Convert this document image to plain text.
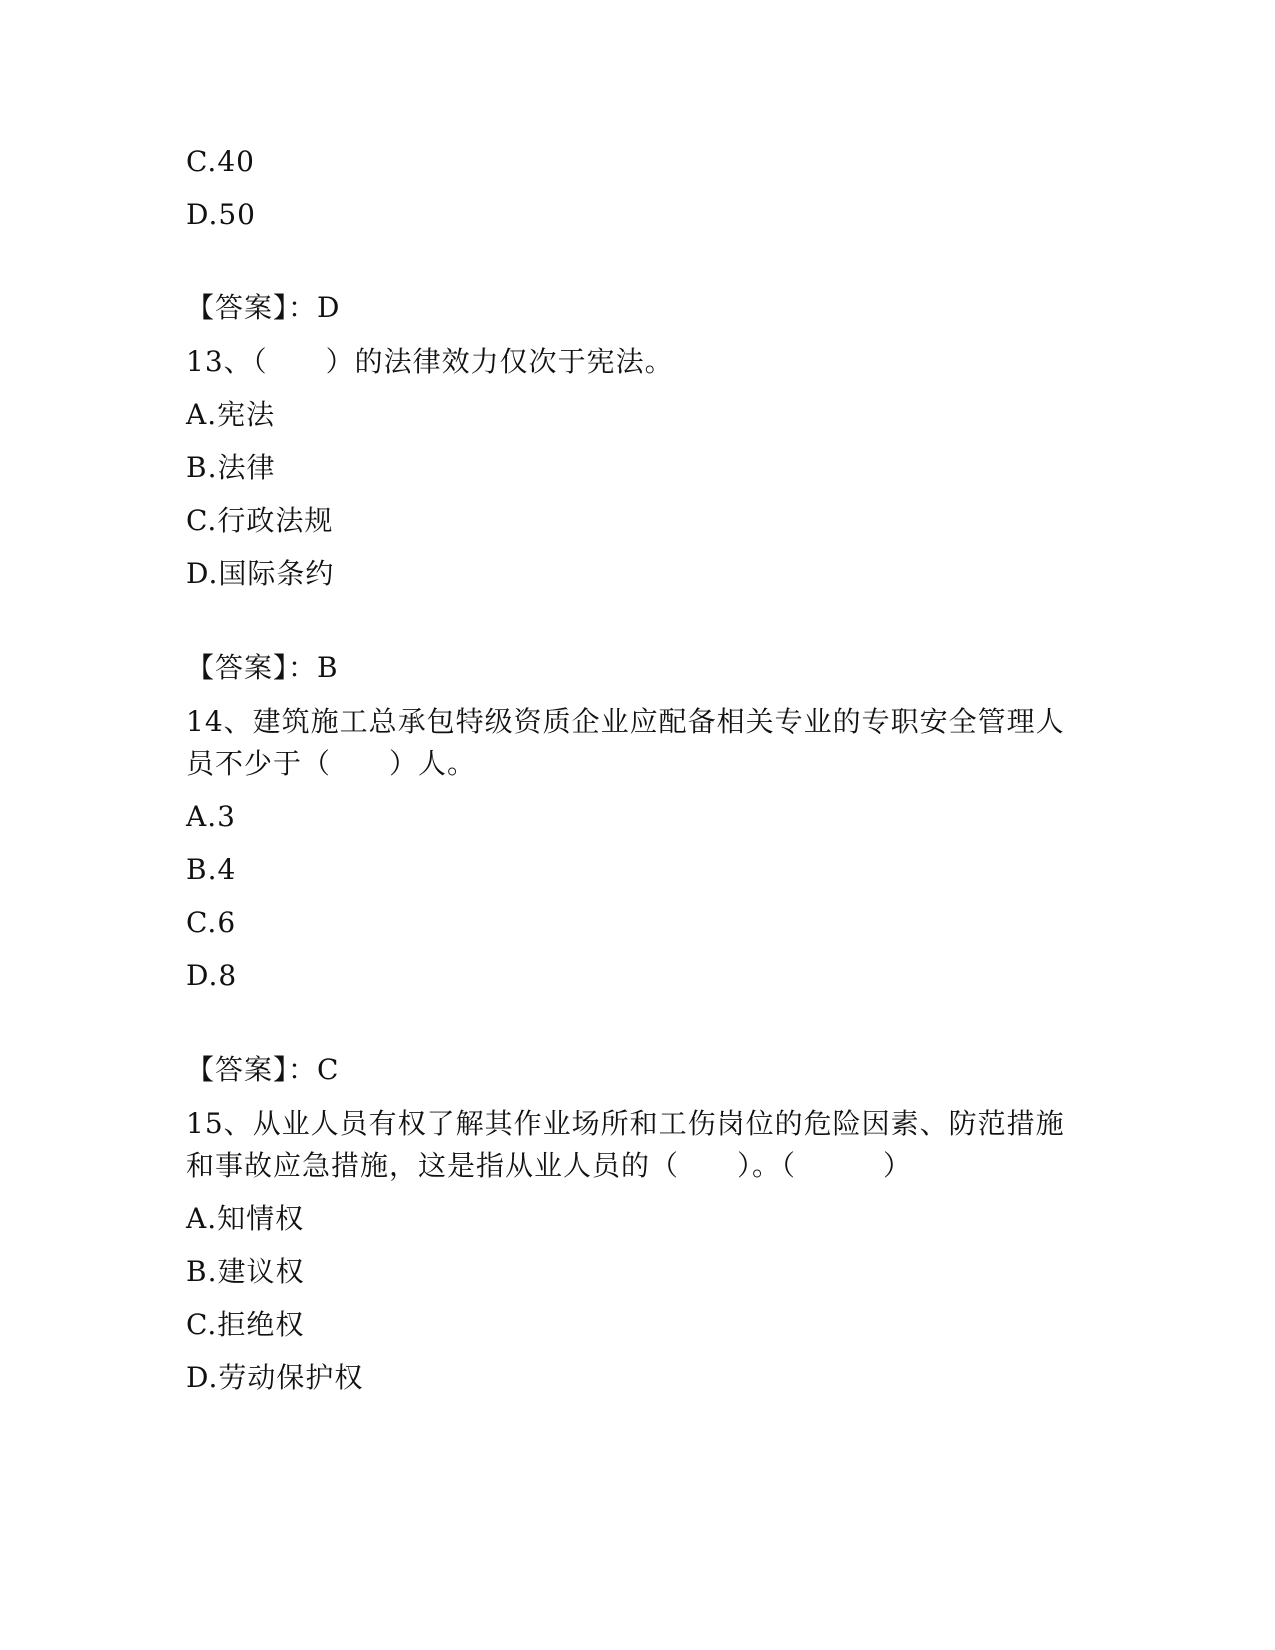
C.40
D.50
【答案】：D
13、（　　）的法律效力仅次于宪法。
A.宪法
B.法律
C.行政法规
D.国际条约
【答案】：B
14、建筑施工总承包特级资质企业应配备相关专业的专职安全管理人
员不少于（　　）人。
A.3
B.4
C.6
D.8
【答案】：C
15、从业人员有权了解其作业场所和工伤岗位的危险因素、防范措施
和事故应急措施，这是指从业人员的（　　）。（　　　）
A.知情权
B.建议权
C.拒绝权
D.劳动保护权
